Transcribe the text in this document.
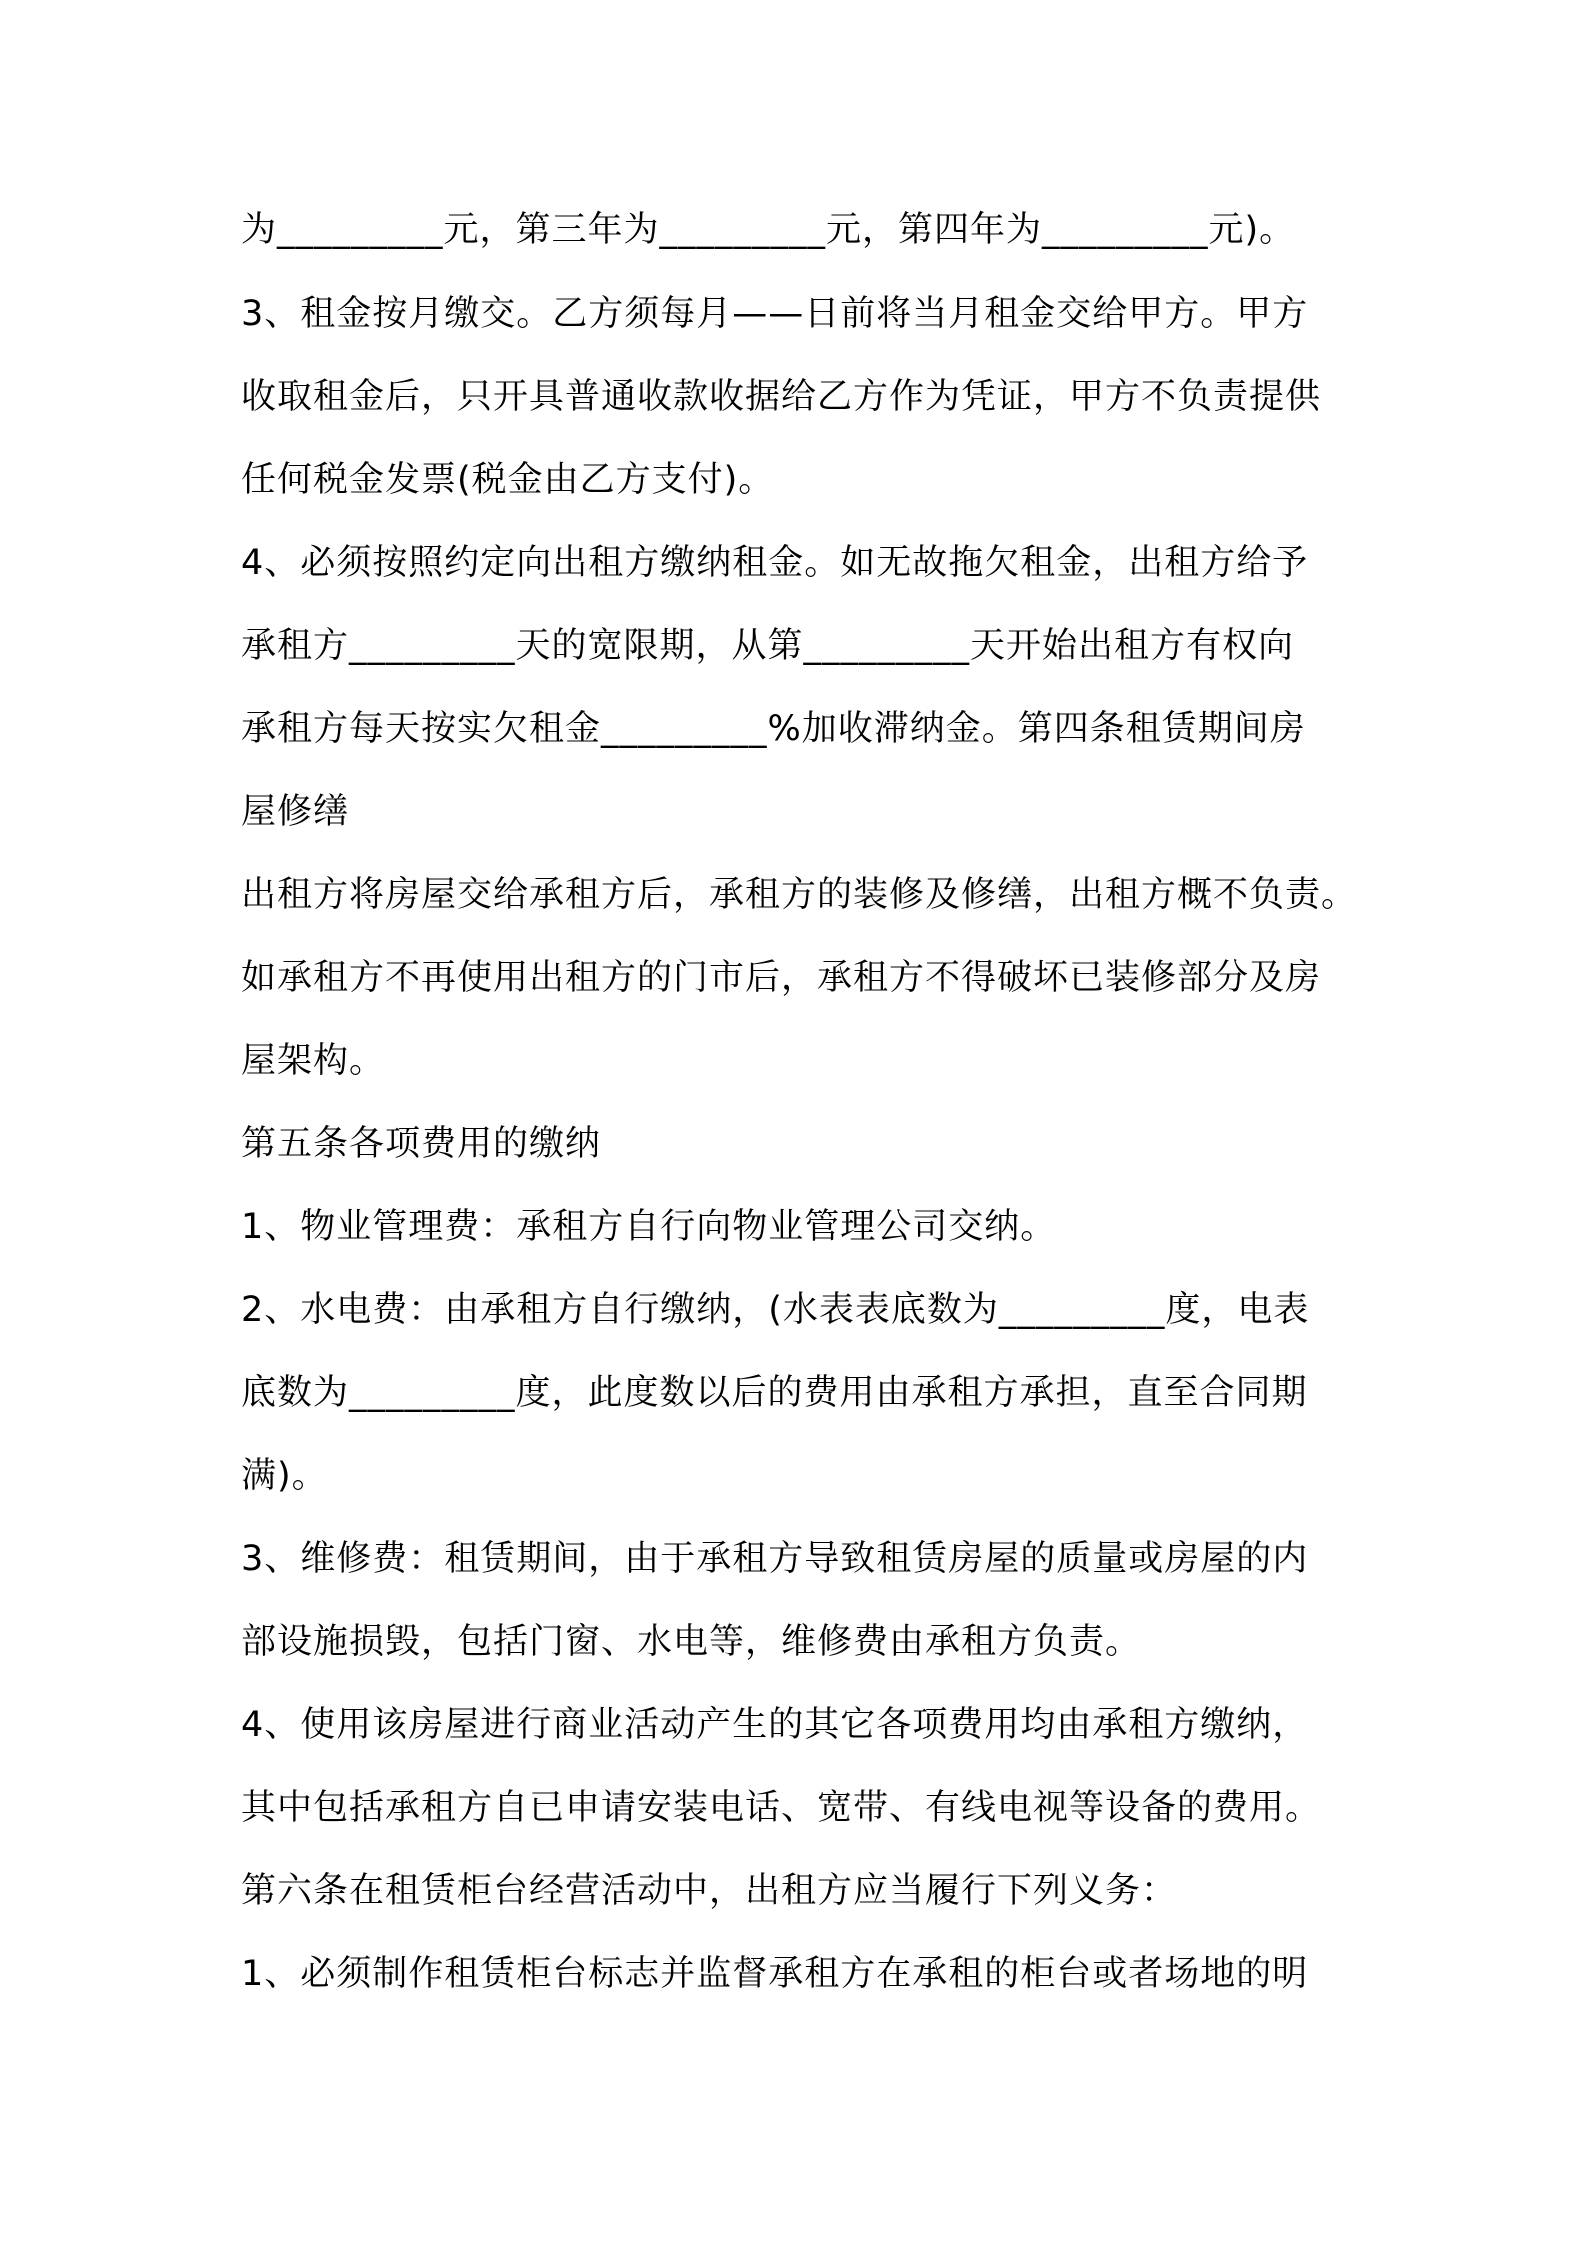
为_________元，第三年为_________元，第四年为_________元)。

3、租金按月缴交。乙方须每月——日前将当月租金交给甲方。甲方

收取租金后，只开具普通收款收据给乙方作为凭证，甲方不负责提供

任何税金发票(税金由乙方支付)。

4、必须按照约定向出租方缴纳租金。如无故拖欠租金，出租方给予

承租方_________天的宽限期，从第_________天开始出租方有权向

承租方每天按实欠租金_________%加收滞纳金。第四条租赁期间房

屋修缮

出租方将房屋交给承租方后，承租方的装修及修缮，出租方概不负责。

如承租方不再使用出租方的门市后，承租方不得破坏已装修部分及房

屋架构。

第五条各项费用的缴纳

1、物业管理费：承租方自行向物业管理公司交纳。

2、水电费：由承租方自行缴纳，(水表表底数为_________度，电表

底数为_________度，此度数以后的费用由承租方承担，直至合同期

满)。

3、维修费：租赁期间，由于承租方导致租赁房屋的质量或房屋的内

部设施损毁，包括门窗、水电等，维修费由承租方负责。

4、使用该房屋进行商业活动产生的其它各项费用均由承租方缴纳，

其中包括承租方自已申请安装电话、宽带、有线电视等设备的费用。

第六条在租赁柜台经营活动中，出租方应当履行下列义务：

1、必须制作租赁柜台标志并监督承租方在承租的柜台或者场地的明
